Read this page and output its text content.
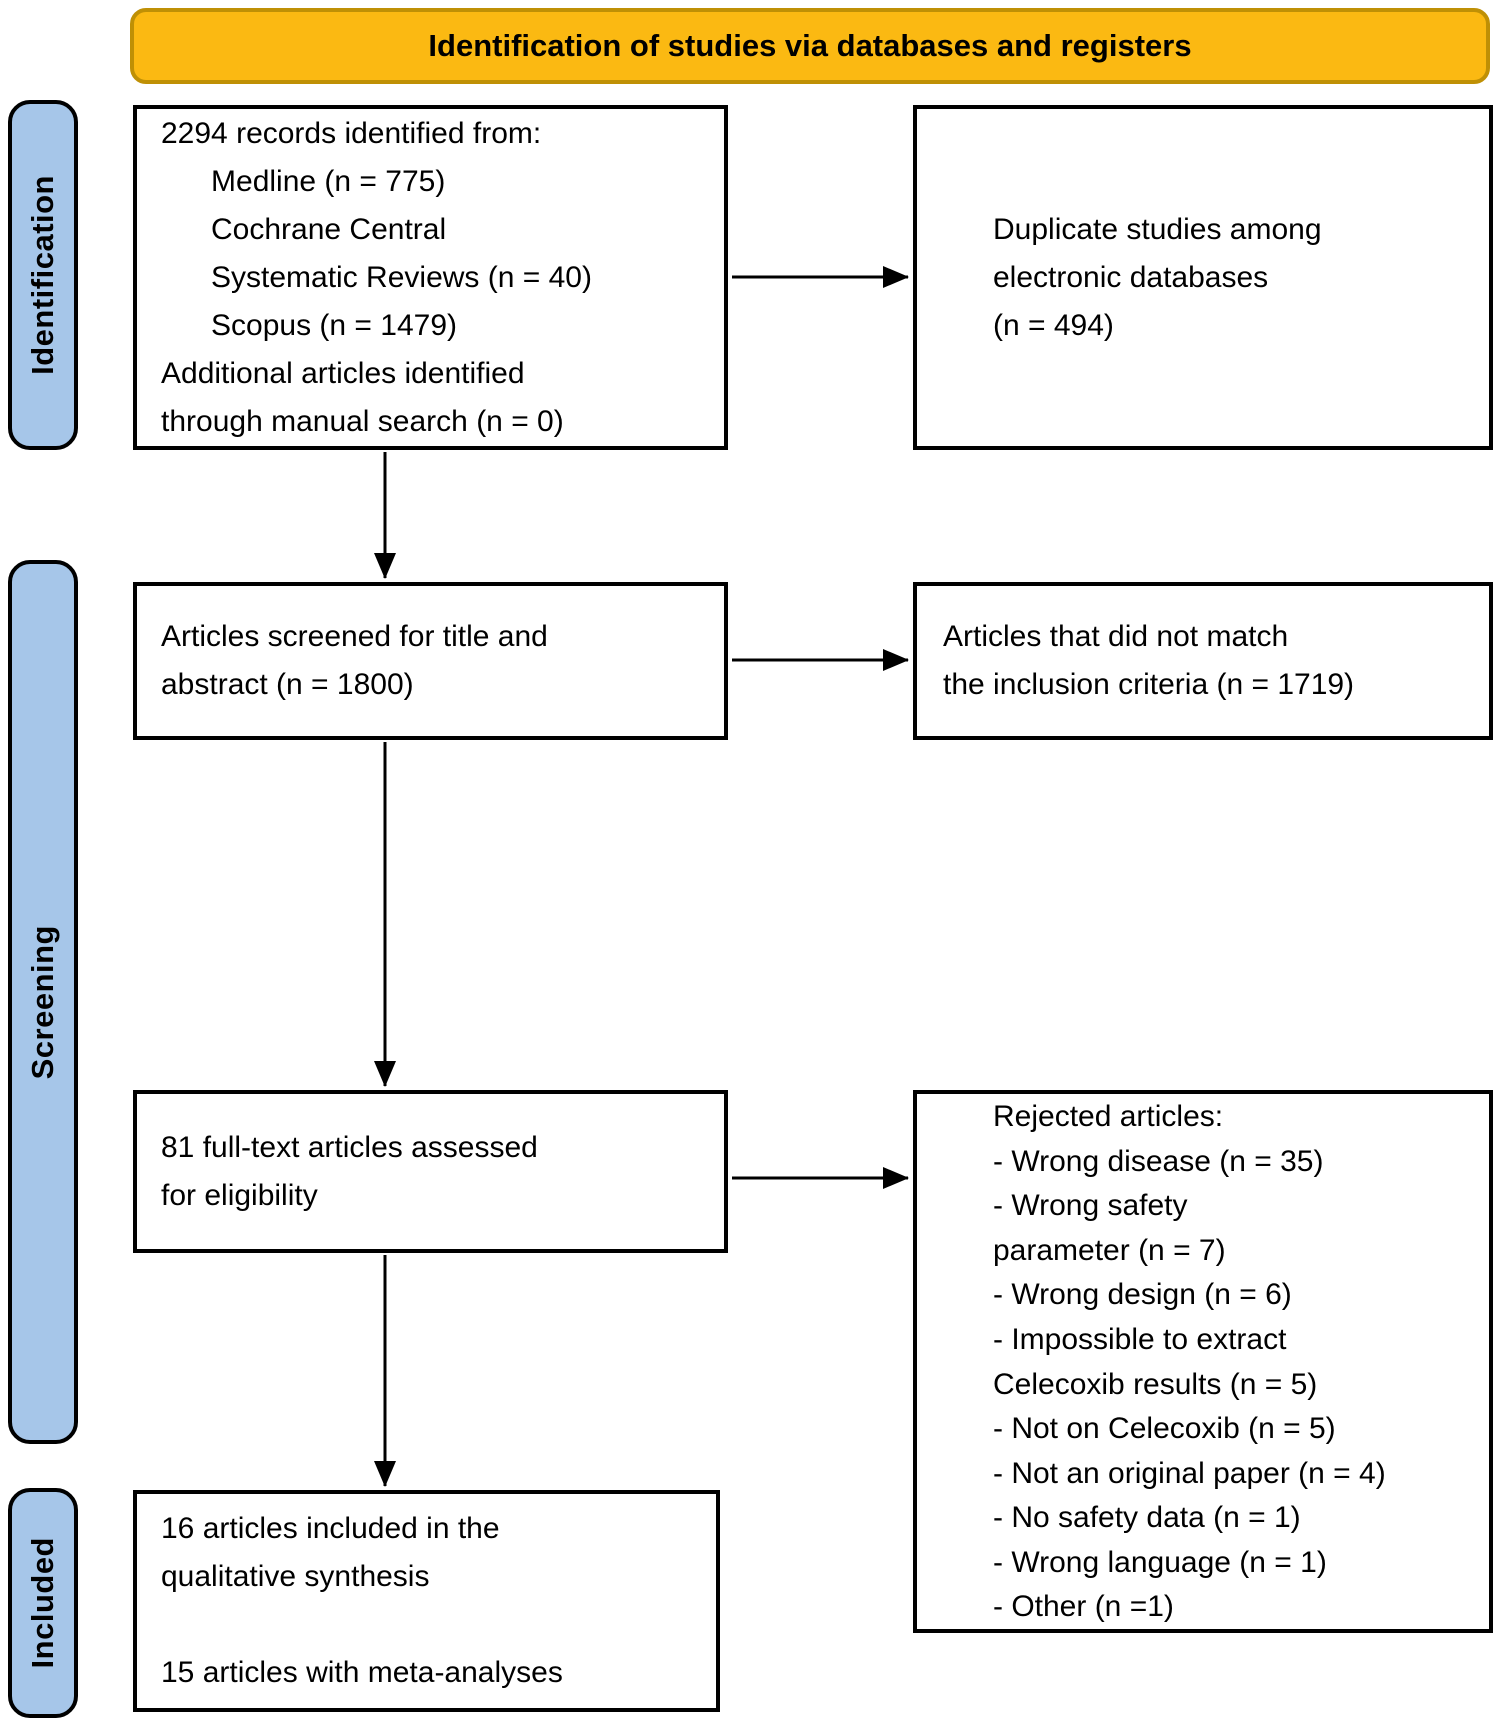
Identification of studies via databases and registers
Identification
Screening
Included
2294 records identified from:
Medline (n = 775)
Cochrane Central
Systematic Reviews (n = 40)
Scopus (n = 1479)
Additional articles identified
through manual search (n = 0)
Duplicate studies among
electronic databases
(n = 494)
Articles screened for title and
abstract (n = 1800)
Articles that did not match
the inclusion criteria (n = 1719)
81 full-text articles assessed
for eligibility
Rejected articles:
- Wrong disease (n = 35)
- Wrong safety
parameter (n = 7)
- Wrong design (n = 6)
- Impossible to extract
Celecoxib results (n = 5)
- Not on Celecoxib (n = 5)
- Not an original paper (n = 4)
- No safety data (n = 1)
- Wrong language (n = 1)
- Other (n =1)
16 articles included in the
qualitative synthesis

15 articles with meta-analyses
